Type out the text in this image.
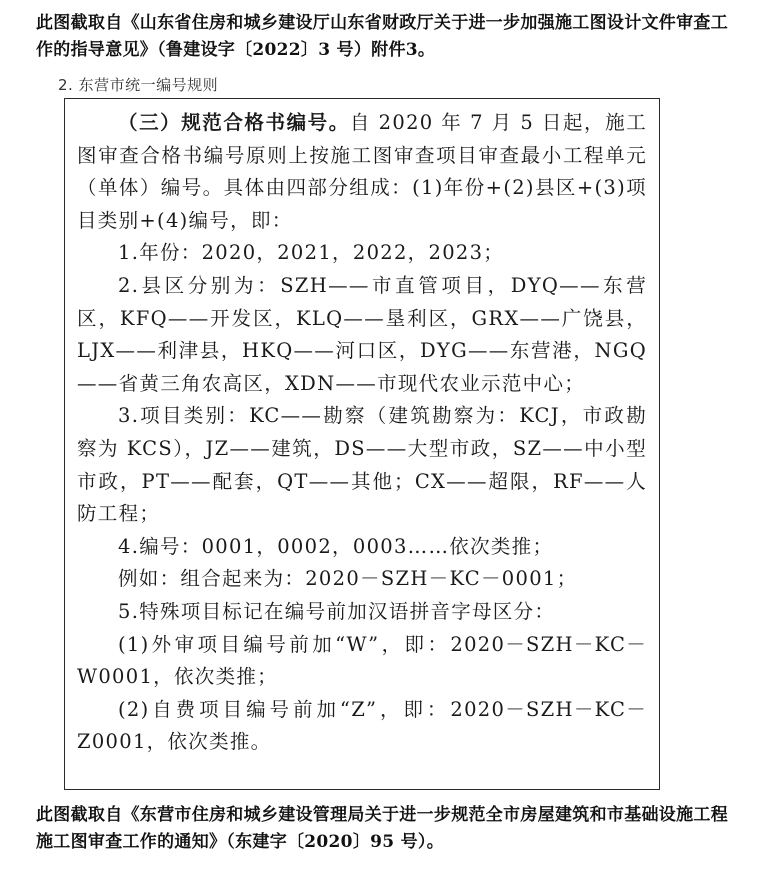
此图截取自《山东省住房和城乡建设厅山东省财政厅关于进一步加强施工图设计文件审查工作的指导意见》（鲁建设字〔2022〕3 号）附件3。
2. 东营市统一编号规则

（三）规范合格书编号。自 2020 年 7 月 5 日起，施工图审查合格书编号原则上按施工图审查项目审查最小工程单元（单体）编号。具体由四部分组成：(1)年份+(2)县区+(3)项目类别+(4)编号，即：

1.年份：2020，2021，2022，2023；

2.县区分别为：SZH——市直管项目，DYQ——东营区，KFQ——开发区，KLQ——垦利区，GRX——广饶县，LJX——利津县，HKQ——河口区，DYG——东营港，NGQ——省黄三角农高区，XDN——市现代农业示范中心；

3.项目类别：KC——勘察（建筑勘察为：KCJ，市政勘察为 KCS），JZ——建筑，DS——大型市政，SZ——中小型市政，PT——配套，QT——其他；CX——超限，RF——人防工程；

4.编号：0001，0002，0003……依次类推；

例如：组合起来为：2020－SZH－KC－0001；

5.特殊项目标记在编号前加汉语拼音字母区分：

(1)外审项目编号前加“W”，即：2020－SZH－KC－W0001，依次类推；

(2)自费项目编号前加“Z”，即：2020－SZH－KC－Z0001，依次类推。

此图截取自《东营市住房和城乡建设管理局关于进一步规范全市房屋建筑和市基础设施工程施工图审查工作的通知》（东建字〔2020〕95 号）。
